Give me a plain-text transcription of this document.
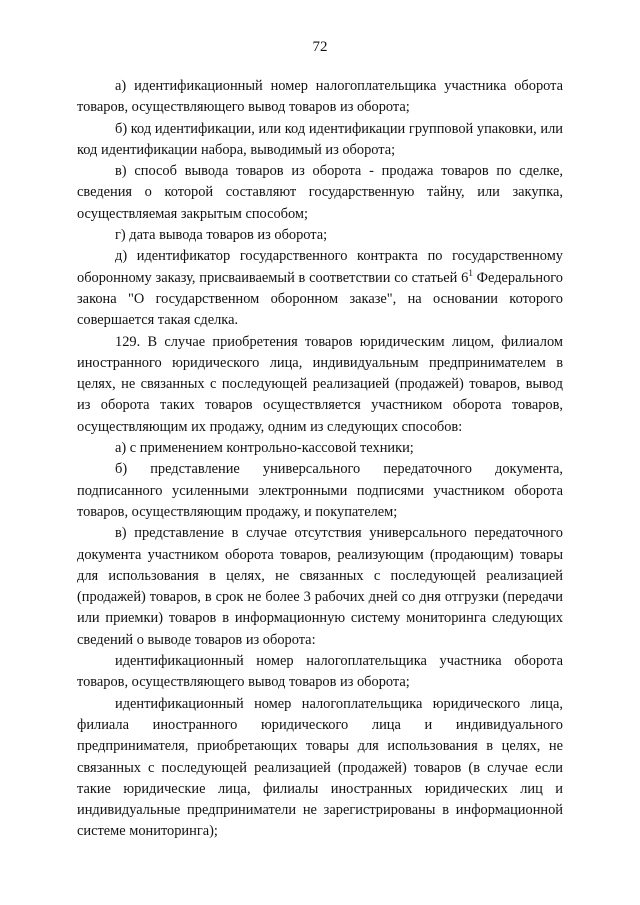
72

а) идентификационный номер налогоплательщика участника оборота товаров, осуществляющего вывод товаров из оборота;

б) код идентификации, или код идентификации групповой упаковки, или код идентификации набора, выводимый из оборота;

в) способ вывода товаров из оборота - продажа товаров по сделке, сведения о которой составляют государственную тайну, или закупка, осуществляемая закрытым способом;

г) дата вывода товаров из оборота;

д) идентификатор государственного контракта по государственному оборонному заказу, присваиваемый в соответствии со статьей $6^1$ Федерального закона "О государственном оборонном заказе", на основании которого совершается такая сделка.

129. В случае приобретения товаров юридическим лицом, филиалом иностранного юридического лица, индивидуальным предпринимателем в целях, не связанных с последующей реализацией (продажей) товаров, вывод из оборота таких товаров осуществляется участником оборота товаров, осуществляющим их продажу, одним из следующих способов:

а) с применением контрольно-кассовой техники;

б) представление универсального передаточного документа, подписанного усиленными электронными подписями участником оборота товаров, осуществляющим продажу, и покупателем;

в) представление в случае отсутствия универсального передаточного документа участником оборота товаров, реализующим (продающим) товары для использования в целях, не связанных с последующей реализацией (продажей) товаров, в срок не более 3 рабочих дней со дня отгрузки (передачи или приемки) товаров в информационную систему мониторинга следующих сведений о выводе товаров из оборота:

идентификационный номер налогоплательщика участника оборота товаров, осуществляющего вывод товаров из оборота;

идентификационный номер налогоплательщика юридического лица, филиала иностранного юридического лица и индивидуального предпринимателя, приобретающих товары для использования в целях, не связанных с последующей реализацией (продажей) товаров (в случае если такие юридические лица, филиалы иностранных юридических лиц и индивидуальные предприниматели не зарегистрированы в информационной системе мониторинга);
